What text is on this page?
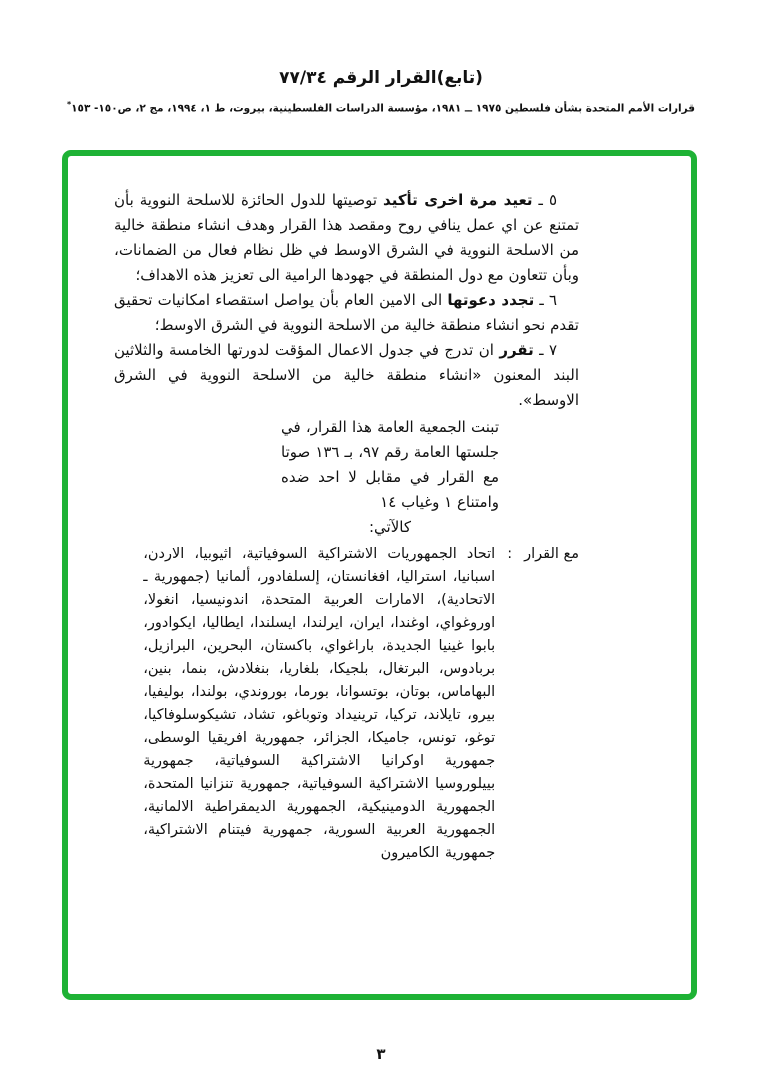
(تابع)القرار الرقم ٧٧/٣٤

قرارات الأمم المتحدة بشأن فلسطين ١٩٧٥ ــ ١٩٨١، مؤسسة الدراسات الفلسطينية، بيروت، ط ١، ١٩٩٤، مج ٢، ص١٥٠- ١٥٣*

٥ ـ تعيد مرة اخرى تأكيد توصيتها للدول الحائزة للاسلحة النووية بأن تمتنع عن اي عمل ينافي روح ومقصد هذا القرار وهدف انشاء منطقة خالية من الاسلحة النووية في الشرق الاوسط في ظل نظام فعال من الضمانات، وبأن تتعاون مع دول المنطقة في جهودها الرامية الى تعزيز هذه الاهداف؛

٦ ـ تجدد دعوتها الى الامين العام بأن يواصل استقصاء امكانيات تحقيق تقدم نحو انشاء منطقة خالية من الاسلحة النووية في الشرق الاوسط؛

٧ ـ تقرر ان تدرج في جدول الاعمال المؤقت لدورتها الخامسة والثلاثين البند المعنون «انشاء منطقة خالية من الاسلحة النووية في الشرق الاوسط».

تبنت الجمعية العامة هذا القرار، في جلستها العامة رقم ٩٧، بـ ١٣٦ صوتا مع القرار في مقابل لا احد ضده وامتناع ١ وغياب ١٤
كالآتي:
مع القرار:
اتحاد الجمهوريات الاشتراكية السوفياتية، اثيوبيا، الاردن، اسبانيا، استراليا، افغانستان، إلسلفادور، ألمانيا (جمهورية ـ الاتحادية)، الامارات العربية المتحدة، اندونيسيا، انغولا، اوروغواي، اوغندا، ايران، ايرلندا، ايسلندا، ايطاليا، ايكوادور، بابوا غينيا الجديدة، باراغواي، باكستان، البحرين، البرازيل، بربادوس، البرتغال، بلجيكا، بلغاريا، بنغلادش، بنما، بنين، البهاماس، بوتان، بوتسوانا، بورما، بوروندي، بولندا، بوليفيا، بيرو، تايلاند، تركيا، ترينيداد وتوباغو، تشاد، تشيكوسلوفاكيا، توغو، تونس، جاميكا، الجزائر، جمهورية افريقيا الوسطى، جمهورية اوكرانيا الاشتراكية السوفياتية، جمهورية بييلوروسيا الاشتراكية السوفياتية، جمهورية تنزانيا المتحدة، الجمهورية الدومينيكية، الجمهورية الديمقراطية الالمانية، الجمهورية العربية السورية، جمهورية فيتنام الاشتراكية، جمهورية الكاميرون
٣
